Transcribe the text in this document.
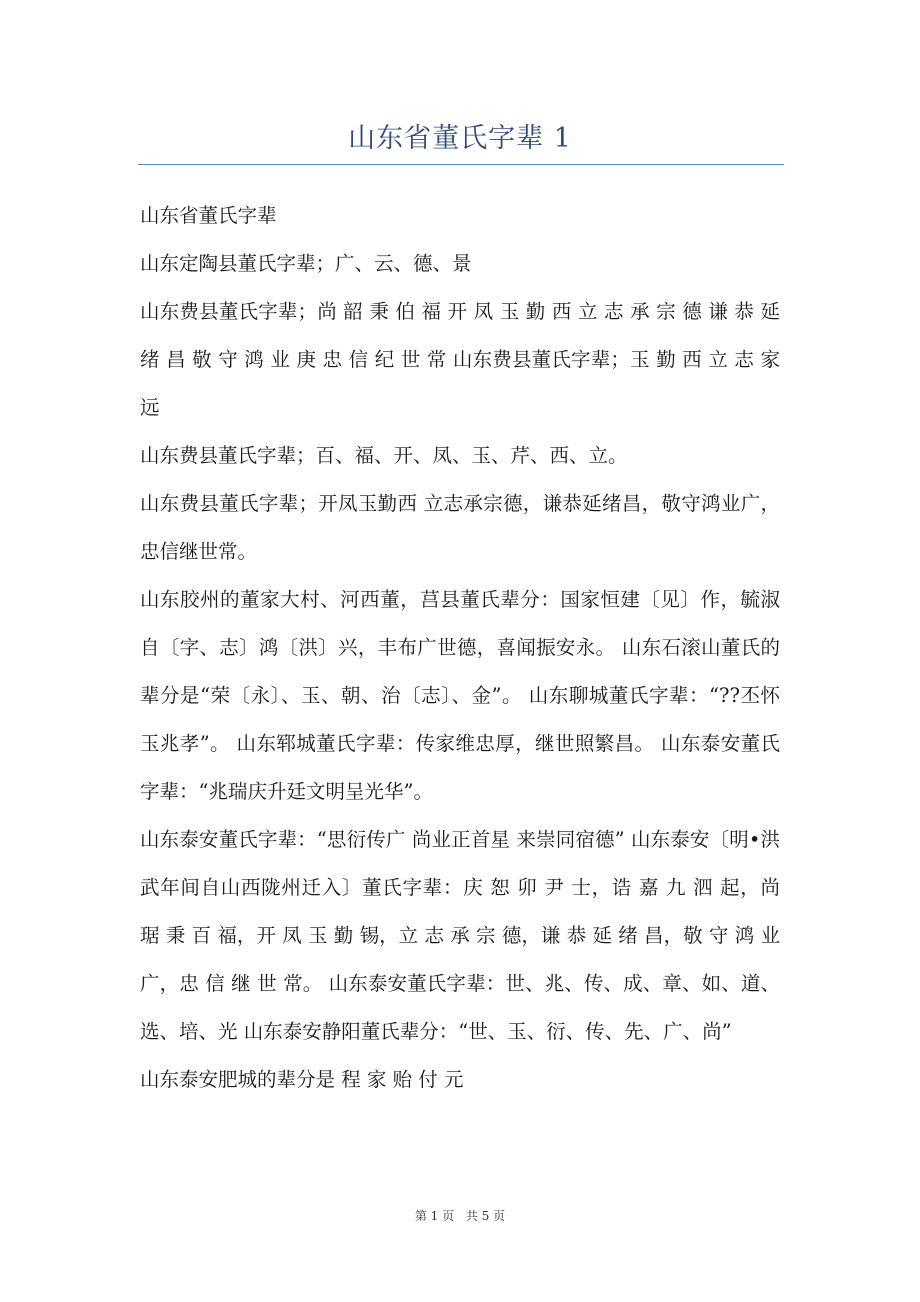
山东省董氏字辈 1

山东省董氏字辈

山东定陶县董氏字辈；广、云、德、景

山东费县董氏字辈；尚 韶 秉 伯 福 开 凤 玉 勤 西 立 志 承 宗 德 谦 恭 延 绪 昌 敬 守 鸿 业 庚 忠 信 纪 世 常 山东费县董氏字辈；玉 勤 西 立 志 家 远

山东费县董氏字辈；百、福、开、凤、玉、芹、西、立。

山东费县董氏字辈；开凤玉勤西 立志承宗德，谦恭延绪昌，敬守鸿业广，忠信继世常。

山东胶州的董家大村、河西董，莒县董氏辈分：国家恒建〔见〕作，毓淑自〔字、志〕鸿〔洪〕兴，丰布广世德，喜闻振安永。 山东石滚山董氏的辈分是“荣〔永〕、玉、朝、治〔志〕、金”。 山东聊城董氏字辈：“??丕怀玉兆孝”。 山东郓城董氏字辈：传家维忠厚，继世照繁昌。 山东泰安董氏字辈：“兆瑞庆升廷文明呈光华”。

山东泰安董氏字辈：“思衍传广 尚业正首星 来崇同宿德” 山东泰安〔明•洪武年间自山西陇州迁入〕董氏字辈：庆 恕 卯 尹 士，诰 嘉 九 泗 起，尚 琚 秉 百 福，开 凤 玉 勤 锡，立 志 承 宗 德，谦 恭 延 绪 昌，敬 守 鸿 业 广，忠 信 继 世 常。 山东泰安董氏字辈：世、兆、传、成、章、如、道、选、培、光 山东泰安静阳董氏辈分：“世、玉、衍、传、先、广、尚”

山东泰安肥城的辈分是 程 家 贻 付 元

第 1 页 共 5 页
